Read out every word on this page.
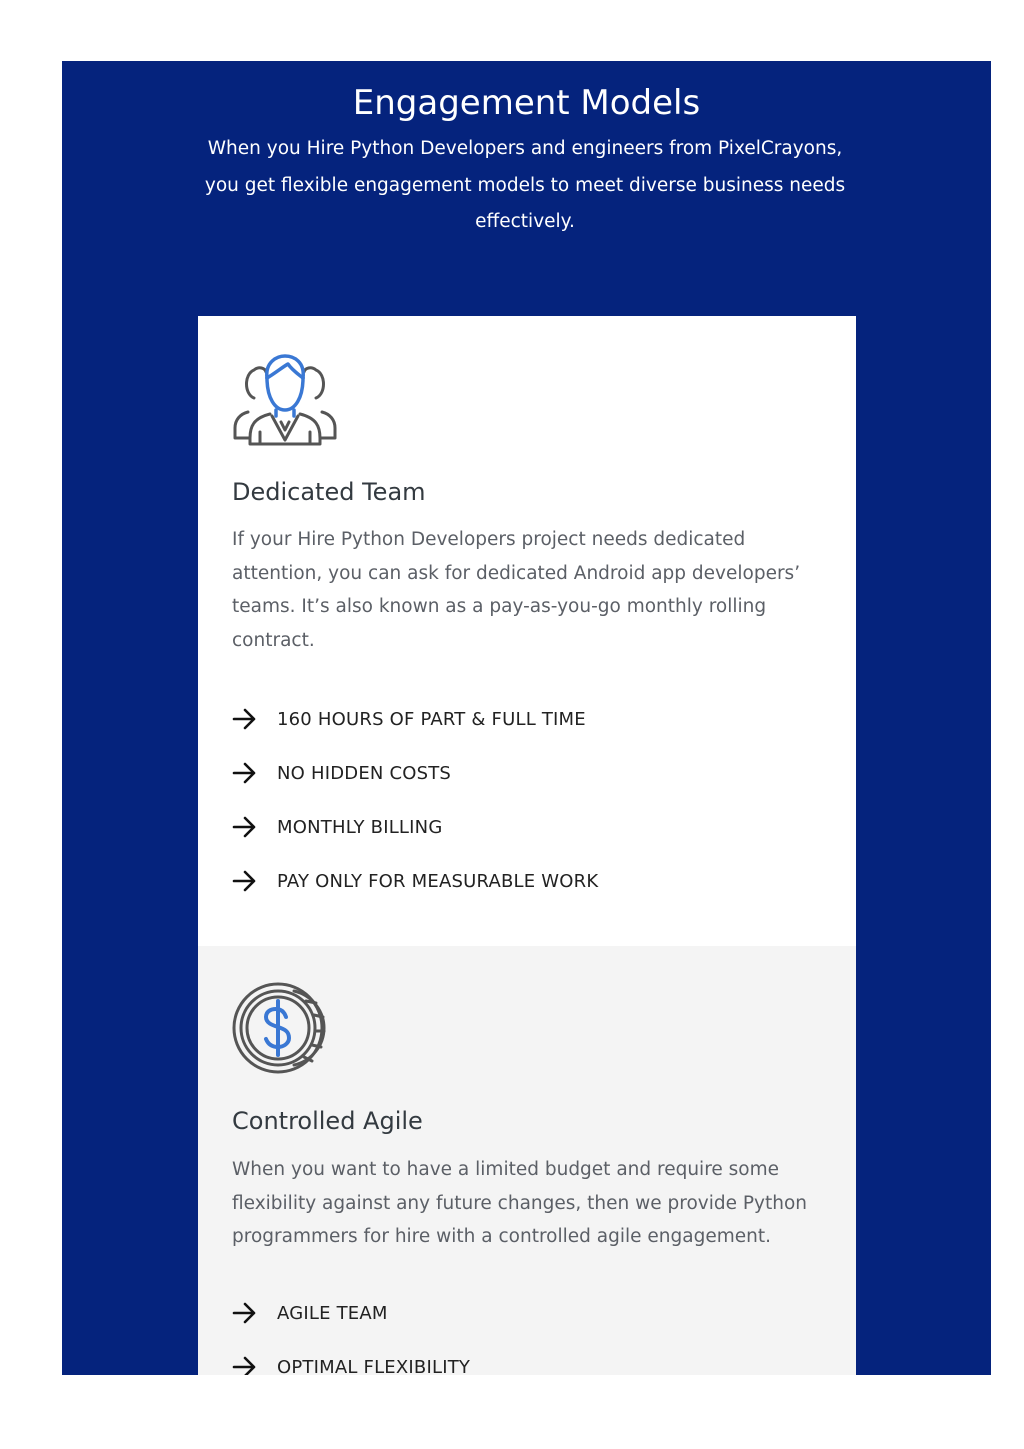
Engagement Models

When you Hire Python Developers and engineers from PixelCrayons, you get flexible engagement models to meet diverse business needs effectively.

Dedicated Team

If your Hire Python Developers project needs dedicated attention, you can ask for dedicated Android app developers’ teams. It’s also known as a pay-as-you-go monthly rolling contract.

160 HOURS OF PART & FULL TIME
NO HIDDEN COSTS
MONTHLY BILLING
PAY ONLY FOR MEASURABLE WORK
Controlled Agile

When you want to have a limited budget and require some flexibility against any future changes, then we provide Python programmers for hire with a controlled agile engagement.

AGILE TEAM
OPTIMAL FLEXIBILITY
